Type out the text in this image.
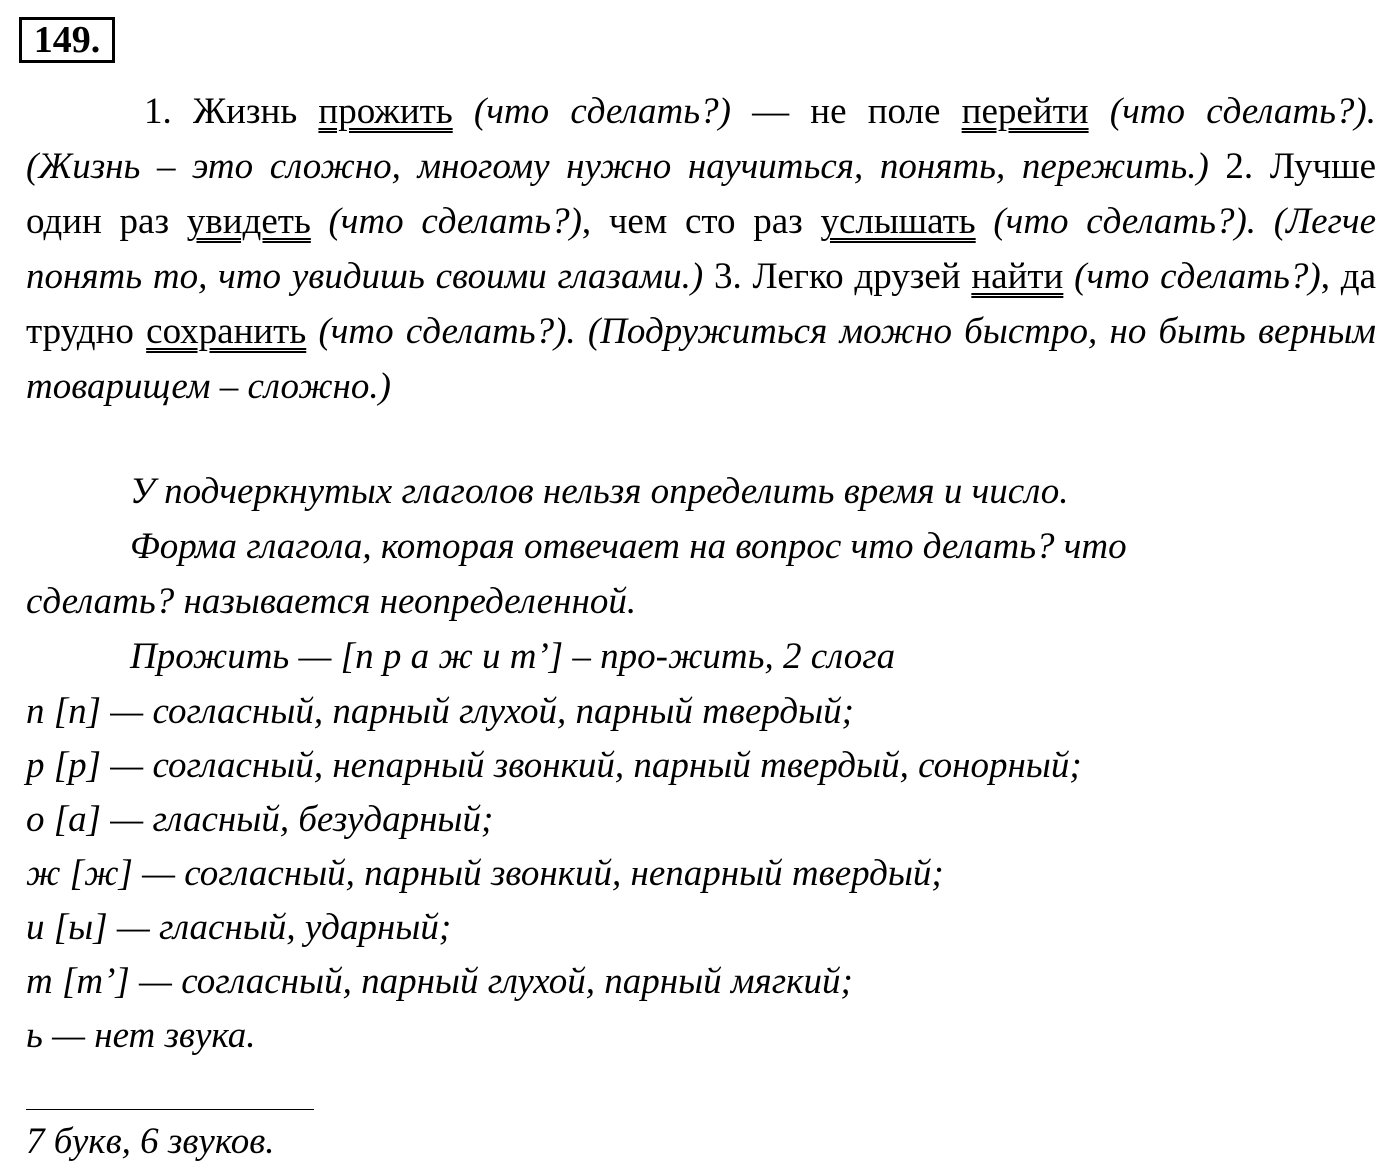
149.

1. Жизнь прожить (что сделать?) — не поле перейти (что сделать?). (Жизнь – это сложно, многому нужно научиться, понять, пережить.) 2. Лучше один раз увидеть (что сделать?), чем сто раз услышать (что сделать?). (Легче понять то, что увидишь своими глазами.) 3. Легко друзей найти (что сделать?), да трудно сохранить (что сделать?). (Подружиться можно быстро, но быть верным товарищем – сложно.)

У подчеркнутых глаголов нельзя определить время и число.

Форма глагола, которая отвечает на вопрос что делать? что сделать? называется неопределенной.

Прожить — [п р а ж и т’] – про-жить, 2 слога
п [п] — согласный, парный глухой, парный твердый;
р [р] — согласный, непарный звонкий, парный твердый, сонорный;
о [а] — гласный, безударный;
ж [ж] — согласный, парный звонкий, непарный твердый;
и [ы] — гласный, ударный;
т [т’] — согласный, парный глухой, парный мягкий;
ь — нет звука.
7 букв, 6 звуков.
